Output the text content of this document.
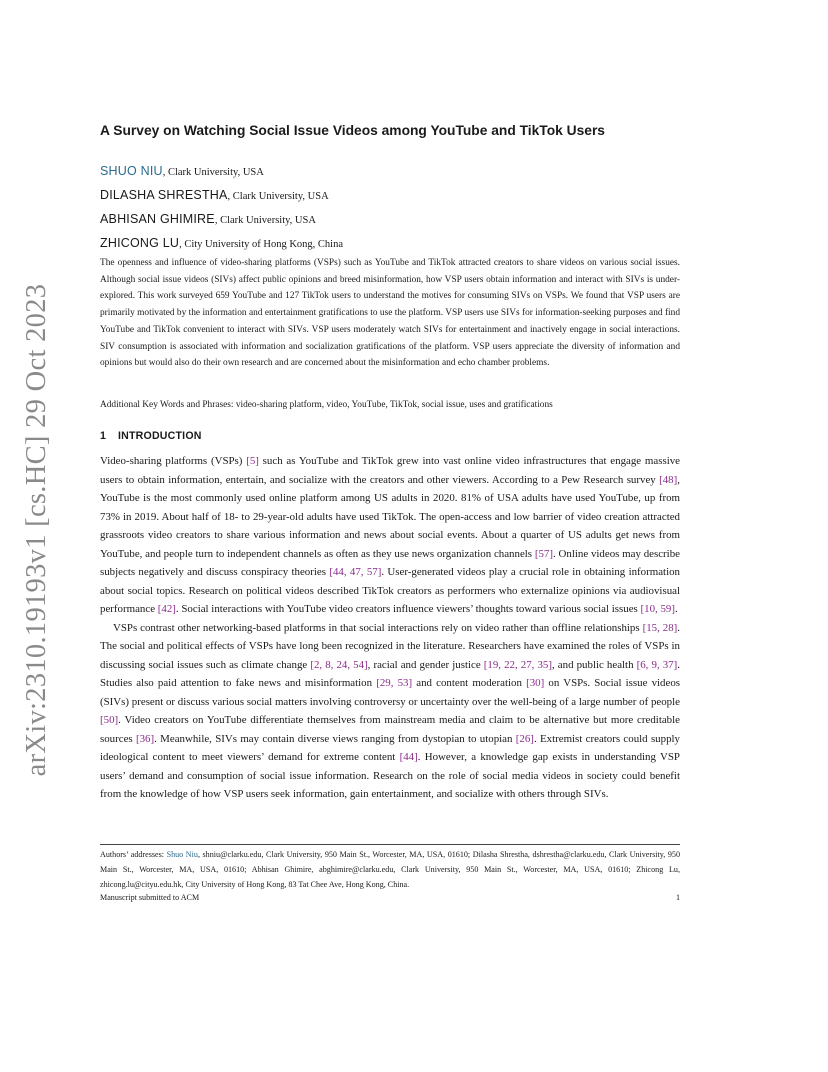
arXiv:2310.19193v1 [cs.HC] 29 Oct 2023
A Survey on Watching Social Issue Videos among YouTube and TikTok Users
SHUO NIU, Clark University, USA
DILASHA SHRESTHA, Clark University, USA
ABHISAN GHIMIRE, Clark University, USA
ZHICONG LU, City University of Hong Kong, China

The openness and influence of video-sharing platforms (VSPs) such as YouTube and TikTok attracted creators to share videos on various social issues. Although social issue videos (SIVs) affect public opinions and breed misinformation, how VSP users obtain information and interact with SIVs is under-explored. This work surveyed 659 YouTube and 127 TikTok users to understand the motives for consuming SIVs on VSPs. We found that VSP users are primarily motivated by the information and entertainment gratifications to use the platform. VSP users use SIVs for information-seeking purposes and find YouTube and TikTok convenient to interact with SIVs. VSP users moderately watch SIVs for entertainment and inactively engage in social interactions. SIV consumption is associated with information and socialization gratifications of the platform. VSP users appreciate the diversity of information and opinions but would also do their own research and are concerned about the misinformation and echo chamber problems.

Additional Key Words and Phrases: video-sharing platform, video, YouTube, TikTok, social issue, uses and gratifications

1 INTRODUCTION

Video-sharing platforms (VSPs) [5] such as YouTube and TikTok grew into vast online video infrastructures that engage massive users to obtain information, entertain, and socialize with the creators and other viewers. According to a Pew Research survey [48], YouTube is the most commonly used online platform among US adults in 2020. 81% of USA adults have used YouTube, up from 73% in 2019. About half of 18- to 29-year-old adults have used TikTok. The open-access and low barrier of video creation attracted grassroots video creators to share various information and news about social events. About a quarter of US adults get news from YouTube, and people turn to independent channels as often as they use news organization channels [57]. Online videos may describe subjects negatively and discuss conspiracy theories [44, 47, 57]. User-generated videos play a crucial role in obtaining information about social topics. Research on political videos described TikTok creators as performers who externalize opinions via audiovisual performance [42]. Social interactions with YouTube video creators influence viewers’ thoughts toward various social issues [10, 59].

VSPs contrast other networking-based platforms in that social interactions rely on video rather than offline relationships [15, 28]. The social and political effects of VSPs have long been recognized in the literature. Researchers have examined the roles of VSPs in discussing social issues such as climate change [2, 8, 24, 54], racial and gender justice [19, 22, 27, 35], and public health [6, 9, 37]. Studies also paid attention to fake news and misinformation [29, 53] and content moderation [30] on VSPs. Social issue videos (SIVs) present or discuss various social matters involving controversy or uncertainty over the well-being of a large number of people [50]. Video creators on YouTube differentiate themselves from mainstream media and claim to be alternative but more creditable sources [36]. Meanwhile, SIVs may contain diverse views ranging from dystopian to utopian [26]. Extremist creators could supply ideological content to meet viewers’ demand for extreme content [44]. However, a knowledge gap exists in understanding VSP users’ demand and consumption of social issue information. Research on the role of social media videos in society could benefit from the knowledge of how VSP users seek information, gain entertainment, and socialize with others through SIVs.

Authors’ addresses: Shuo Niu, shniu@clarku.edu, Clark University, 950 Main St., Worcester, MA, USA, 01610; Dilasha Shrestha, dshrestha@clarku.edu, Clark University, 950 Main St., Worcester, MA, USA, 01610; Abhisan Ghimire, abghimire@clarku.edu, Clark University, 950 Main St., Worcester, MA, USA, 01610; Zhicong Lu, zhicong.lu@cityu.edu.hk, City University of Hong Kong, 83 Tat Chee Ave, Hong Kong, China.

Manuscript submitted to ACM	1
